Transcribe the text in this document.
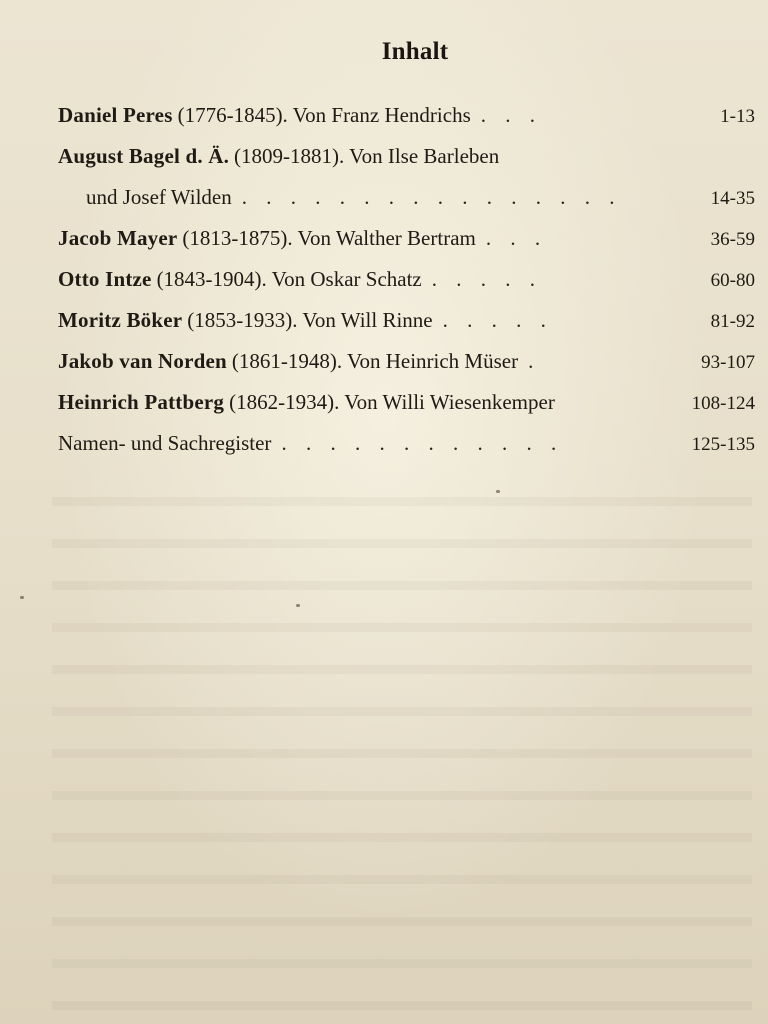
Inhalt
Daniel Peres (1776-1845). Von Franz Hendrichs . . .	1-13
August Bagel d. Ä. (1809-1881). Von Ilse Barleben
und Josef Wilden . . . . . . . . . . . . . . . .	14-35
Jacob Mayer (1813-1875). Von Walther Bertram . . .	36-59
Otto Intze (1843-1904). Von Oskar Schatz . . . . .	60-80
Moritz Böker (1853-1933). Von Will Rinne . . . . .	81-92
Jakob van Norden (1861-1948). Von Heinrich Müser .	93-107
Heinrich Pattberg (1862-1934). Von Willi Wiesenkemper	108-124
Namen- und Sachregister . . . . . . . . . . . .	125-135
